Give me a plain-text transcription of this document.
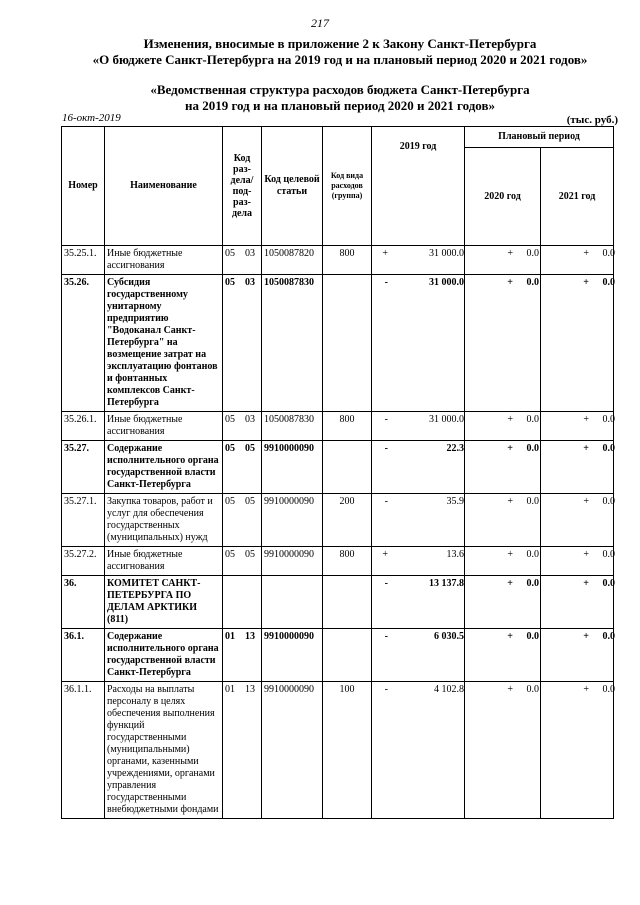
217
Изменения, вносимые в приложение 2 к Закону Санкт-Петербурга
«О бюджете Санкт-Петербурга на 2019 год и на плановый период 2020 и 2021 годов»
«Ведомственная структура расходов бюджета Санкт-Петербурга
на 2019 год и на плановый период 2020 и 2021 годов»
16-окт-2019	(тыс. руб.)
Номер	Наименование	Код раз-дела/под-раз-дела	Код целевой статьи	Код вида расходов (группа)	2019 год	Плановый период	
						2020 год	2021 год
35.25.1.	Иные бюджетные ассигнования	05 03	1050087820	800	+ 31 000.0	+ 0.0	+ 0.0
35.26.	Субсидия государственному унитарному предприятию "Водоканал Санкт-Петербурга" на возмещение затрат на эксплуатацию фонтанов и фонтанных комплексов Санкт-Петербурга	05 03	1050087830		- 31 000.0	+ 0.0	+ 0.0
35.26.1.	Иные бюджетные ассигнования	05 03	1050087830	800	- 31 000.0	+ 0.0	+ 0.0
35.27.	Содержание исполнительного органа государственной власти Санкт-Петербурга	05 05	9910000090		- 22.3	+ 0.0	+ 0.0
35.27.1.	Закупка товаров, работ и услуг для обеспечения государственных (муниципальных) нужд	05 05	9910000090	200	- 35.9	+ 0.0	+ 0.0
35.27.2.	Иные бюджетные ассигнования	05 05	9910000090	800	+ 13.6	+ 0.0	+ 0.0
36.	КОМИТЕТ САНКТ-ПЕТЕРБУРГА ПО ДЕЛАМ АРКТИКИ (811)				- 13 137.8	+ 0.0	+ 0.0
36.1.	Содержание исполнительного органа государственной власти Санкт-Петербурга	01 13	9910000090		- 6 030.5	+ 0.0	+ 0.0
36.1.1.	Расходы на выплаты персоналу в целях обеспечения выполнения функций государственными (муниципальными) органами, казенными учреждениями, органами управления государственными внебюджетными фондами	01 13	9910000090	100	- 4 102.8	+ 0.0	+ 0.0
